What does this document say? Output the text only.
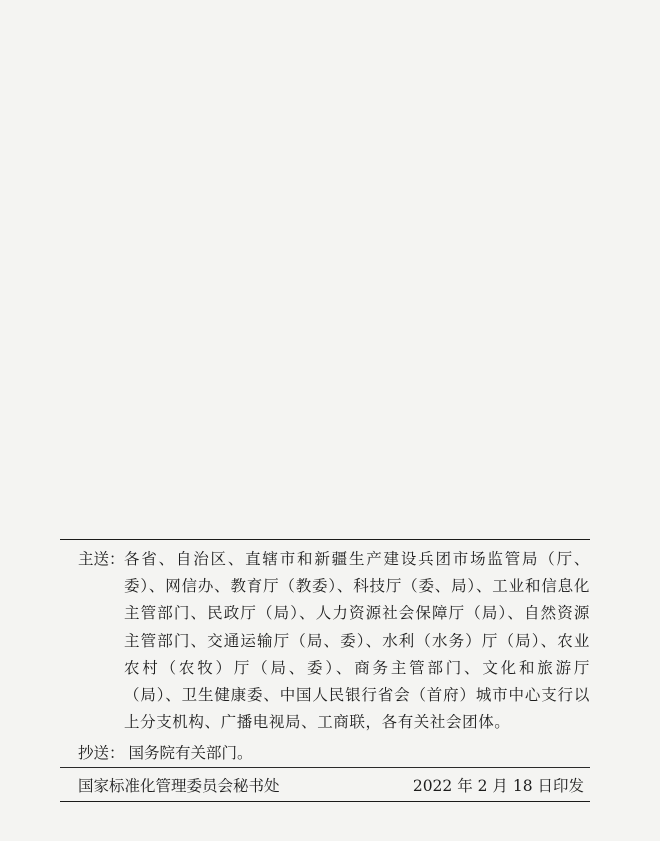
主送： 各省、自治区、直辖市和新疆生产建设兵团市场监管局（厅、委）、网信办、教育厅（教委）、科技厅（委、局）、工业和信息化主管部门、民政厅（局）、人力资源社会保障厅（局）、自然资源主管部门、交通运输厅（局、委）、水利（水务）厅（局）、农业农村（农牧）厅（局、委）、商务主管部门、文化和旅游厅（局）、卫生健康委、中国人民银行省会（首府）城市中心支行以上分支机构、广播电视局、工商联，各有关社会团体。
抄送： 国务院有关部门。
国家标准化管理委员会秘书处	2022 年 2 月 18 日印发
